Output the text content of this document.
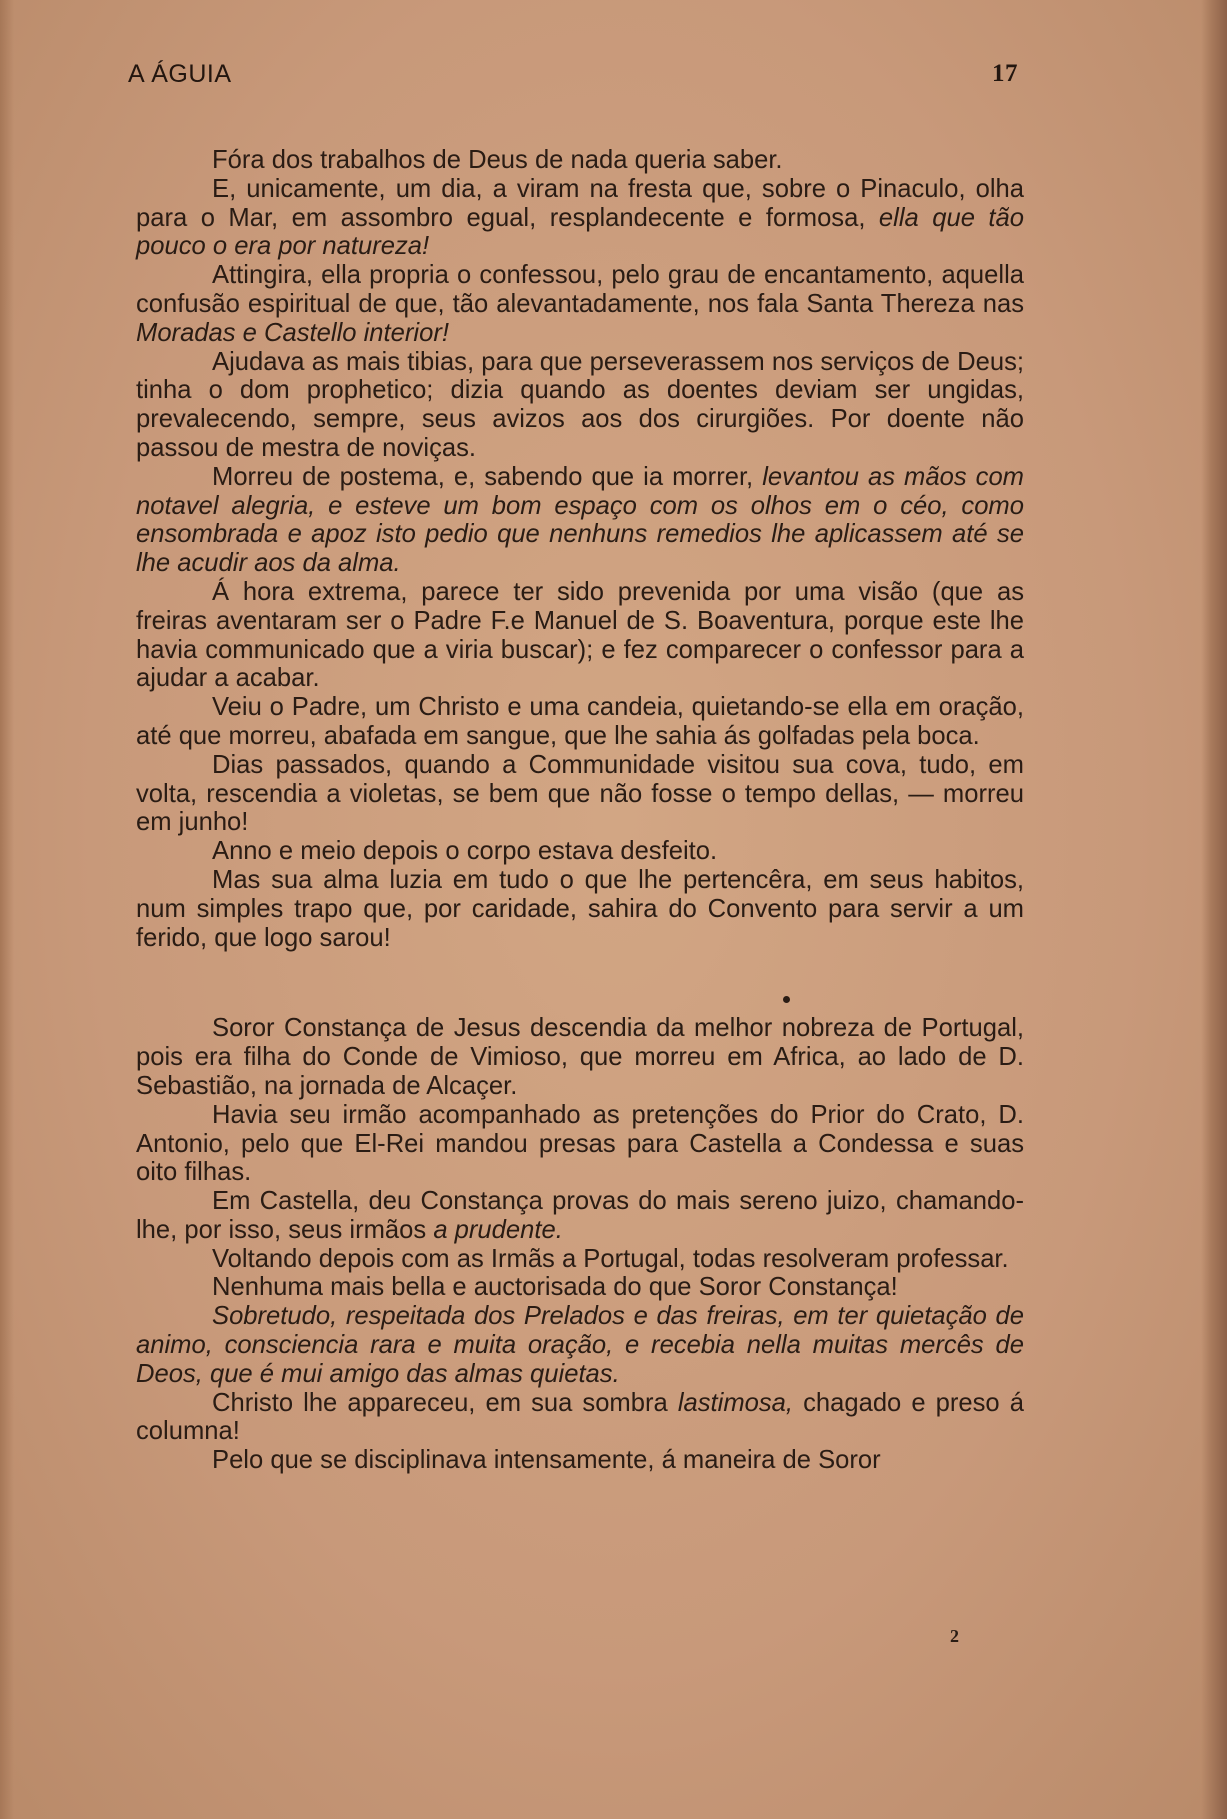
A ÁGUIA	17

Fóra dos trabalhos de Deus de nada queria saber.

E, unicamente, um dia, a viram na fresta que, sobre o Pinaculo, olha para o Mar, em assombro egual, resplandecente e formosa, ella que tão pouco o era por natureza!

Attingira, ella propria o confessou, pelo grau de encantamento, aquella confusão espiritual de que, tão alevantadamente, nos fala Santa Thereza nas Moradas e Castello interior!

Ajudava as mais tibias, para que perseverassem nos serviços de Deus; tinha o dom prophetico; dizia quando as doentes deviam ser ungidas, prevalecendo, sempre, seus avizos aos dos cirurgiões. Por doente não passou de mestra de noviças.

Morreu de postema, e, sabendo que ia morrer, levantou as mãos com notavel alegria, e esteve um bom espaço com os olhos em o céo, como ensombrada e apoz isto pedio que nenhuns remedios lhe aplicassem até se lhe acudir aos da alma.

Á hora extrema, parece ter sido prevenida por uma visão (que as freiras aventaram ser o Padre F.e Manuel de S. Boaventura, porque este lhe havia communicado que a viria buscar); e fez comparecer o confessor para a ajudar a acabar.

Veiu o Padre, um Christo e uma candeia, quietando-se ella em oração, até que morreu, abafada em sangue, que lhe sahia ás golfadas pela boca.

Dias passados, quando a Communidade visitou sua cova, tudo, em volta, rescendia a violetas, se bem que não fosse o tempo dellas, — morreu em junho!

Anno e meio depois o corpo estava desfeito.

Mas sua alma luzia em tudo o que lhe pertencêra, em seus habitos, num simples trapo que, por caridade, sahira do Convento para servir a um ferido, que logo sarou!

Soror Constança de Jesus descendia da melhor nobreza de Portugal, pois era filha do Conde de Vimioso, que morreu em Africa, ao lado de D. Sebastião, na jornada de Alcaçer.

Havia seu irmão acompanhado as pretenções do Prior do Crato, D. Antonio, pelo que El-Rei mandou presas para Castella a Condessa e suas oito filhas.

Em Castella, deu Constança provas do mais sereno juizo, chamando-lhe, por isso, seus irmãos a prudente.

Voltando depois com as Irmãs a Portugal, todas resolveram professar.

Nenhuma mais bella e auctorisada do que Soror Constança!

Sobretudo, respeitada dos Prelados e das freiras, em ter quietação de animo, consciencia rara e muita oração, e recebia nella muitas mercês de Deos, que é mui amigo das almas quietas.

Christo lhe appareceu, em sua sombra lastimosa, chagado e preso á columna!

Pelo que se disciplinava intensamente, á maneira de Soror

2
